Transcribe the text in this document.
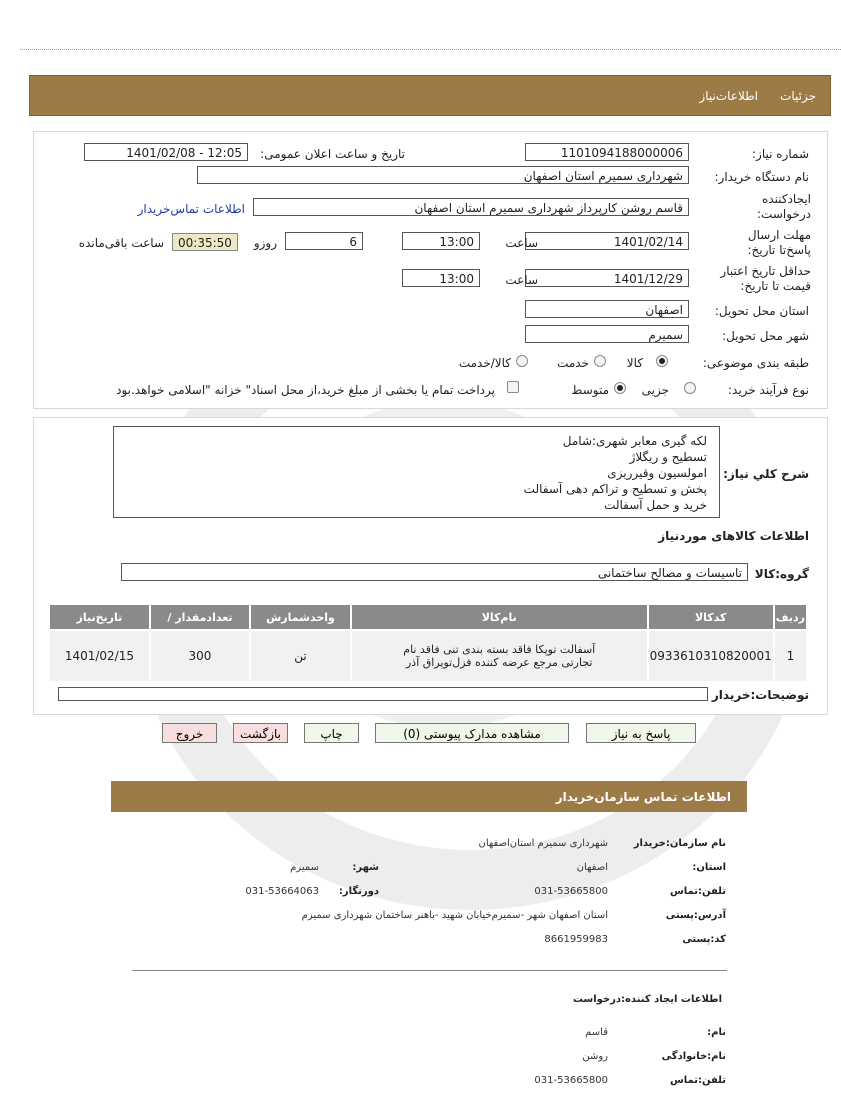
جزئیات
اطلاعات‌نیاز
شماره نیاز:
1101094188000006
تاریخ و ساعت اعلان عمومی:
1401/02/08 - 12:05
نام دستگاه خریدار:
شهرداری سمیرم استان اصفهان
ایجادکننده درخواست:
قاسم روشن کارپرداز شهرداری سمیرم استان اصفهان
اطلاعات تماس‌خریدار
مهلت ارسال پاسخ‌تا تاریخ:
1401/02/14
ساعت
13:00
6
روزو
00:35:50
ساعت باقی‌مانده
حداقل تاریخ اعتبار قیمت تا تاریخ:
1401/12/29
ساعت
13:00
استان محل تحویل:
اصفهان
شهر محل تحویل:
سمیرم
طبقه بندی موضوعی:
کالا
خدمت
کالا/خدمت
نوع فرآیند خرید:
جزیی
متوسط
پرداخت تمام یا بخشی از مبلغ خرید،از محل اسناد" خزانه "اسلامی خواهد.بود
شرح کلي نياز:
لکه گیری معابر شهری:شامل
تسطیح و ریگلاژ
امولسیون وقیرریزی
پخش و تسطیح و تراکم دهی آسفالت
خرید و حمل آسفالت
اطلاعات کالاهای موردنیاز
گروه:کالا
تاسیسات و مصالح ساختمانی
ردیف	کدکالا	نام‌کالا	واحدشمارش	تعدادمقدار /	تاریخ‌نیاز
1	0933610310820001	آسفالت توپکا فاقد بسته بندی تنی فاقد نام تجارتی مرجع عرضه کننده فزل‌توپراق آذر	تن	300	1401/02/15
توضیحات:خریدار
پاسخ به نیاز
مشاهده مدارک پیوستی (0)
چاپ
بازگشت
خروج
اطلاعات تماس سازمان‌خریدار
نام سازمان:خریدار
شهرداری سمیرم استان‌اصفهان
استان:
اصفهان
شهر:
سمیرم
تلفن:تماس
031-53665800
دورنگار:
031-53664063
آدرس:پستی
استان اصفهان شهر -سمیرم‌خیابان شهید -باهنر ساختمان شهرداری سمیرم
کد:پستی
8661959983
اطلاعات ایجاد کننده:درخواست
نام:
قاسم
نام:خانوادگی
روشن
تلفن:تماس
031-53665800
